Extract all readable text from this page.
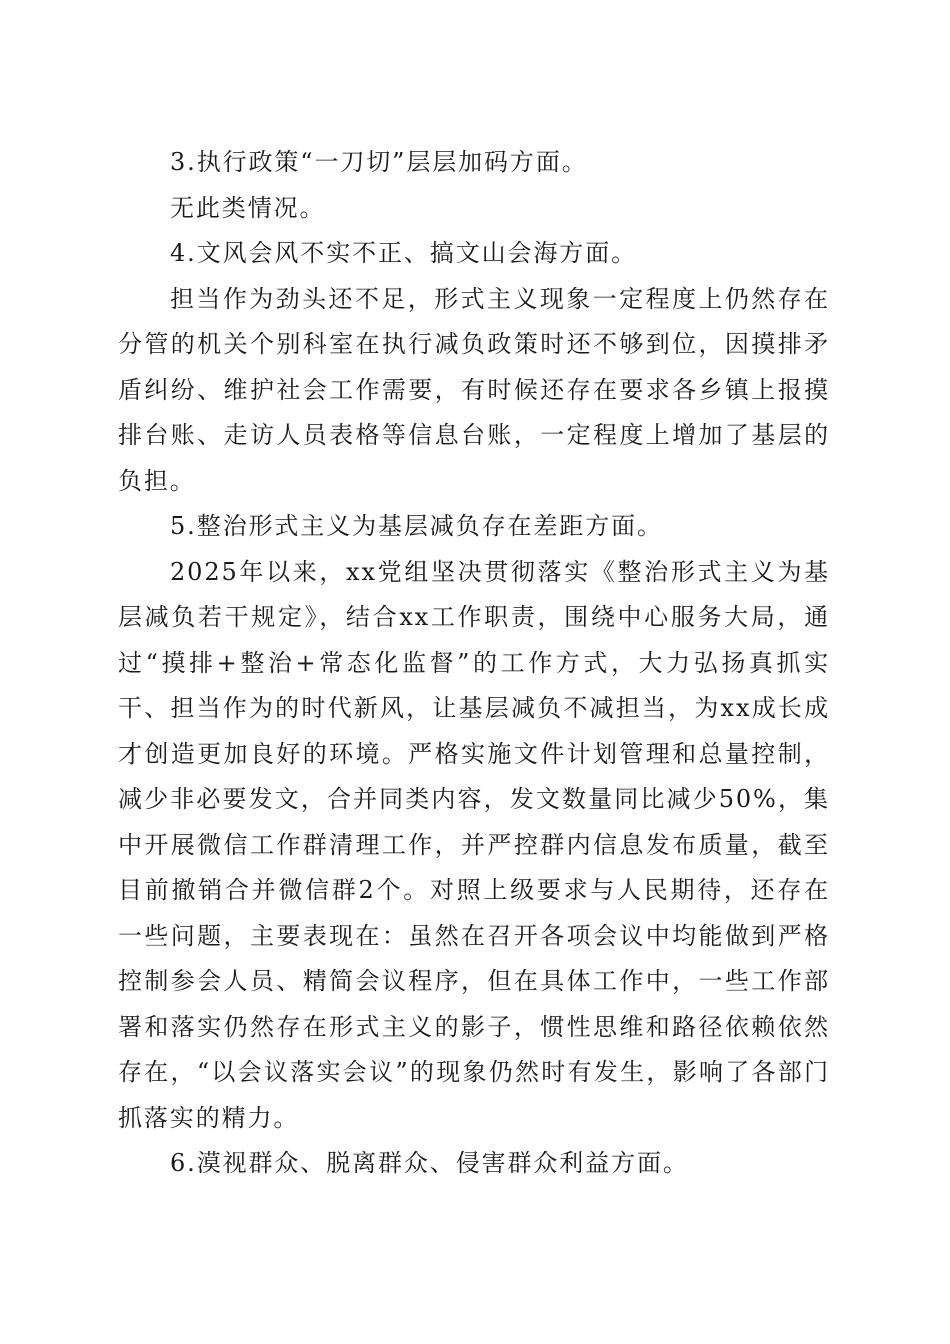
3.执行政策“一刀切”层层加码方面。

无此类情况。

4.文风会风不实不正、搞文山会海方面。

担当作为劲头还不足，形式主义现象一定程度上仍然存在分管的机关个别科室在执行减负政策时还不够到位，因摸排矛盾纠纷、维护社会工作需要，有时候还存在要求各乡镇上报摸排台账、走访人员表格等信息台账，一定程度上增加了基层的负担。

5.整治形式主义为基层减负存在差距方面。

2025年以来，xx党组坚决贯彻落实《整治形式主义为基层减负若干规定》，结合xx工作职责，围绕中心服务大局，通过“摸排+整治+常态化监督”的工作方式，大力弘扬真抓实干、担当作为的时代新风，让基层减负不减担当，为xx成长成才创造更加良好的环境。严格实施文件计划管理和总量控制，减少非必要发文，合并同类内容，发文数量同比减少50%，集中开展微信工作群清理工作，并严控群内信息发布质量，截至目前撤销合并微信群2个。对照上级要求与人民期待，还存在一些问题，主要表现在：虽然在召开各项会议中均能做到严格控制参会人员、精简会议程序，但在具体工作中，一些工作部署和落实仍然存在形式主义的影子，惯性思维和路径依赖依然存在，“以会议落实会议”的现象仍然时有发生，影响了各部门抓落实的精力。

6.漠视群众、脱离群众、侵害群众利益方面。
